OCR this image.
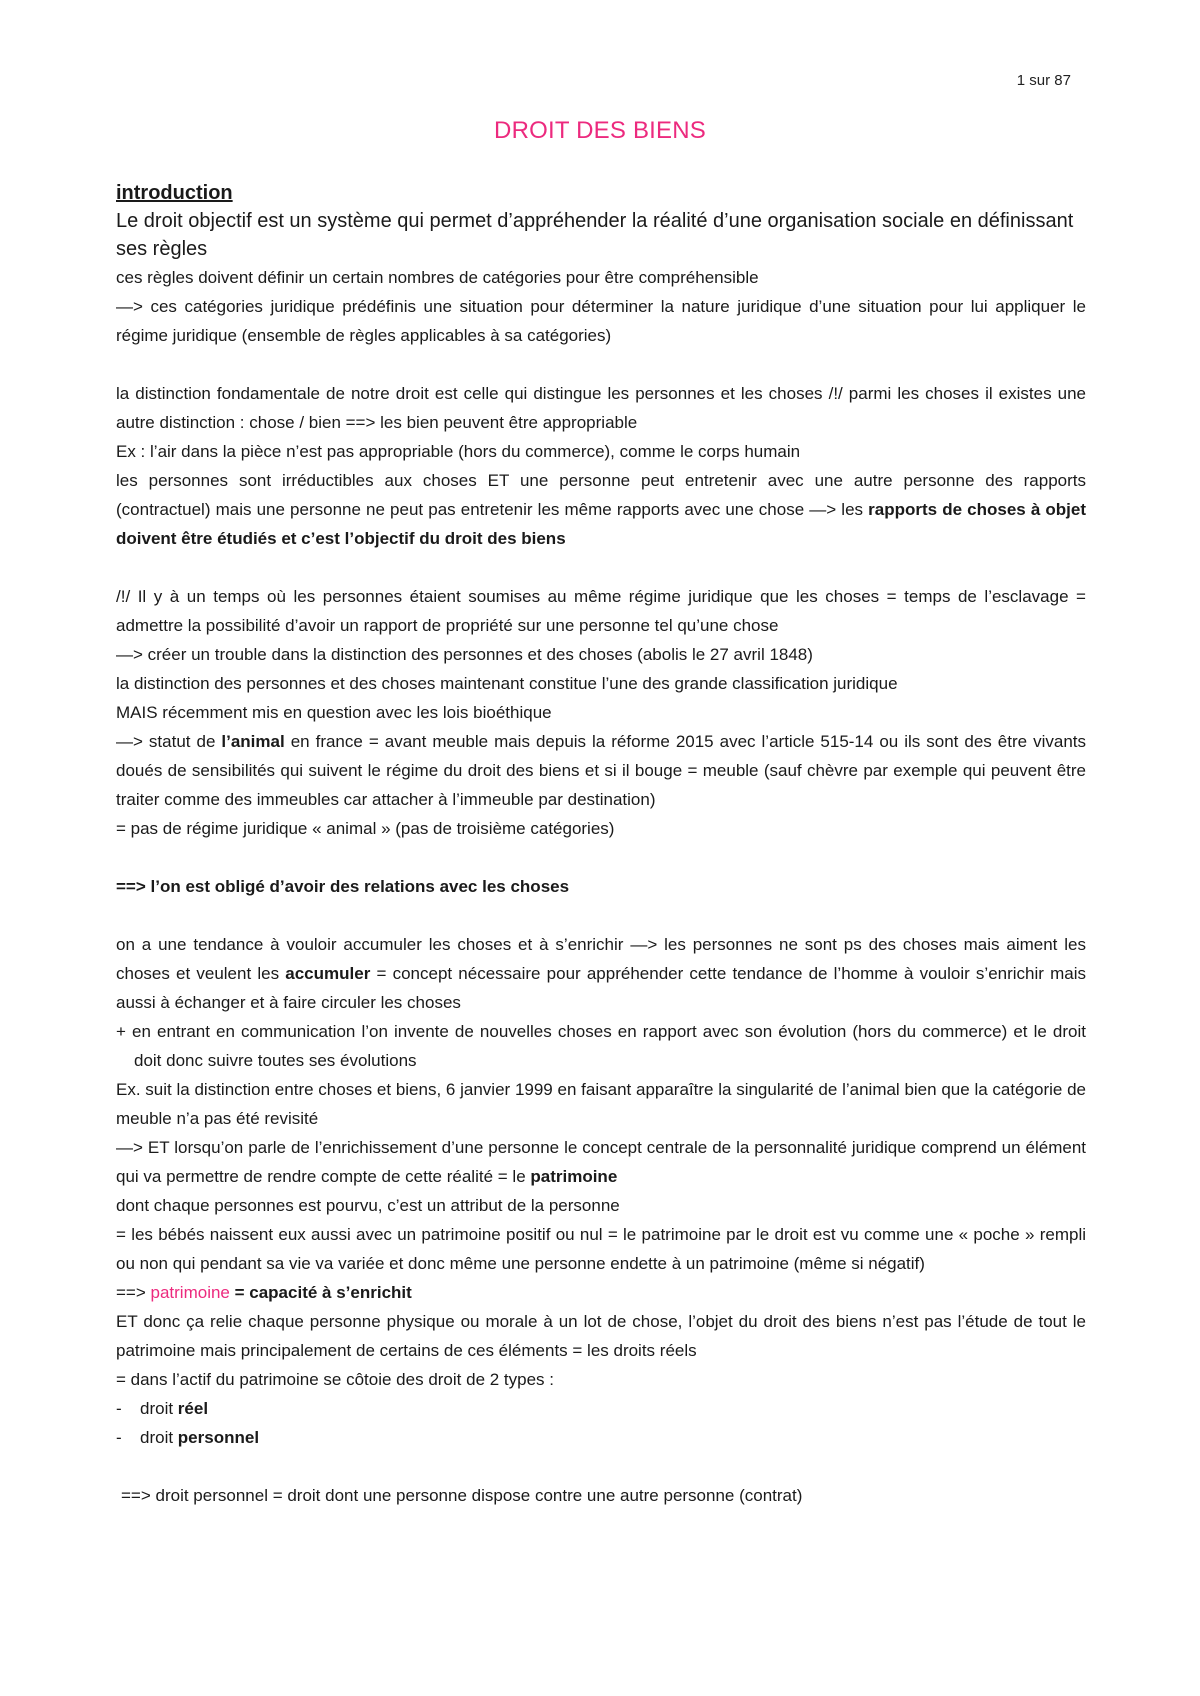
1 sur 87
DROIT DES BIENS

introduction

Le droit objectif est un système qui permet d’appréhender la réalité d’une organisation sociale en définissant ses règles

ces règles doivent définir un certain nombres de catégories pour être compréhensible

—> ces catégories juridique prédéfinis une situation pour déterminer la nature juridique d’une situation pour lui appliquer le régime juridique (ensemble de règles applicables à sa catégories)

la distinction fondamentale de notre droit est celle qui distingue les personnes et les choses /!/ parmi les choses il existes une autre distinction : chose / bien ==> les bien peuvent être appropriable

Ex : l’air dans la pièce n’est pas appropriable (hors du commerce), comme le corps humain

les personnes sont irréductibles aux choses ET une personne peut entretenir avec une autre personne des rapports (contractuel) mais une personne ne peut pas entretenir les même rapports avec une chose —> les rapports de choses à objet doivent être étudiés et c’est l’objectif du droit des biens

/!/ Il y à un temps où les personnes étaient soumises au même régime juridique que les choses = temps de l’esclavage = admettre la possibilité d’avoir un rapport de propriété sur une personne tel qu’une chose

—> créer un trouble dans la distinction des personnes et des choses (abolis le 27 avril 1848)

la distinction des personnes et des choses maintenant constitue l’une des grande classification juridique

MAIS récemment mis en question avec les lois bioéthique

—> statut de l’animal en france = avant meuble mais depuis la réforme 2015 avec l’article 515-14 ou ils sont des être vivants doués de sensibilités qui suivent le régime du droit des biens et si il bouge = meuble (sauf chèvre par exemple qui peuvent être traiter comme des immeubles car attacher à l’immeuble par destination)

= pas de régime juridique « animal » (pas de troisième catégories)

==> l’on est obligé d’avoir des relations avec les choses

on a une tendance à vouloir accumuler les choses et à s’enrichir —> les personnes ne sont ps des choses mais aiment les choses et veulent les accumuler = concept nécessaire pour appréhender cette tendance de l’homme à vouloir s’enrichir mais aussi à échanger et à faire circuler les choses

+ en entrant en communication l’on invente de nouvelles choses en rapport avec son évolution (hors du commerce) et le droit doit donc suivre toutes ses évolutions

Ex. suit la distinction entre choses et biens, 6 janvier 1999 en faisant apparaître la singularité de l’animal bien que la catégorie de meuble n’a pas été revisité

—> ET lorsqu’on parle de l’enrichissement d’une personne le concept centrale de la personnalité juridique comprend un élément qui va permettre de rendre compte de cette réalité = le patrimoine

dont chaque personnes est pourvu, c’est un attribut de la personne

= les bébés naissent eux aussi avec un patrimoine positif ou nul = le patrimoine par le droit est vu comme une « poche » rempli ou non qui pendant sa vie va variée et donc même une personne endette à un patrimoine (même si négatif)

==> patrimoine = capacité à s’enrichit

ET donc ça relie chaque personne physique ou morale à un lot de chose, l’objet du droit des biens n’est pas l’étude de tout le patrimoine mais principalement de certains de ces éléments = les droits réels

= dans l’actif du patrimoine se côtoie des droit de 2 types :

- droit réel

- droit personnel

==> droit personnel = droit dont une personne dispose contre une autre personne (contrat)
